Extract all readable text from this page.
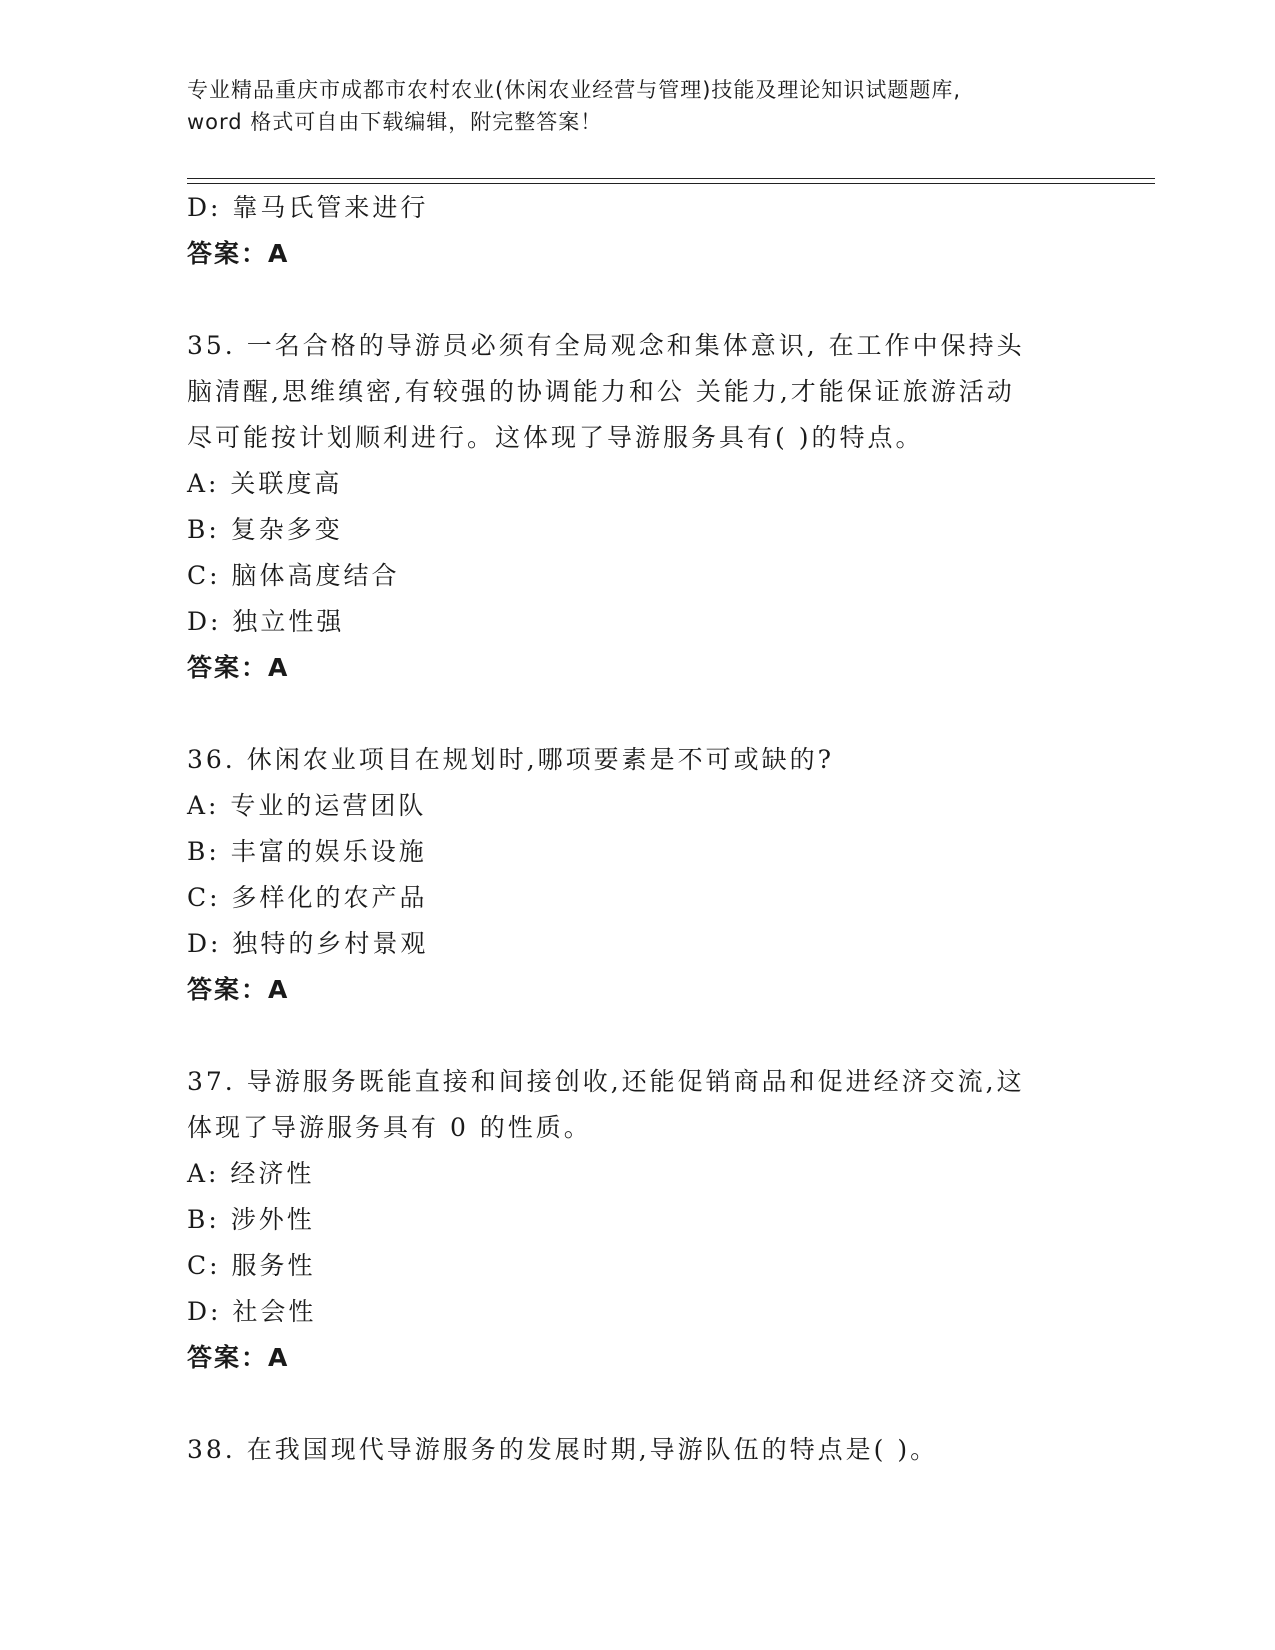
专业精品重庆市成都市农村农业(休闲农业经营与管理)技能及理论知识试题题库,
word 格式可自由下载编辑，附完整答案！
D: 靠马氏管来进行
答案：A
35. 一名合格的导游员必须有全局观念和集体意识, 在工作中保持头
脑清醒,思维缜密,有较强的协调能力和公 关能力,才能保证旅游活动
尽可能按计划顺利进行。这体现了导游服务具有( )的特点。
A: 关联度高
B: 复杂多变
C: 脑体高度结合
D: 独立性强
答案：A
36. 休闲农业项目在规划时,哪项要素是不可或缺的?
A: 专业的运营团队
B: 丰富的娱乐设施
C: 多样化的农产品
D: 独特的乡村景观
答案：A
37. 导游服务既能直接和间接创收,还能促销商品和促进经济交流,这
体现了导游服务具有 0 的性质。
A: 经济性
B: 涉外性
C: 服务性
D: 社会性
答案：A
38. 在我国现代导游服务的发展时期,导游队伍的特点是( )。
